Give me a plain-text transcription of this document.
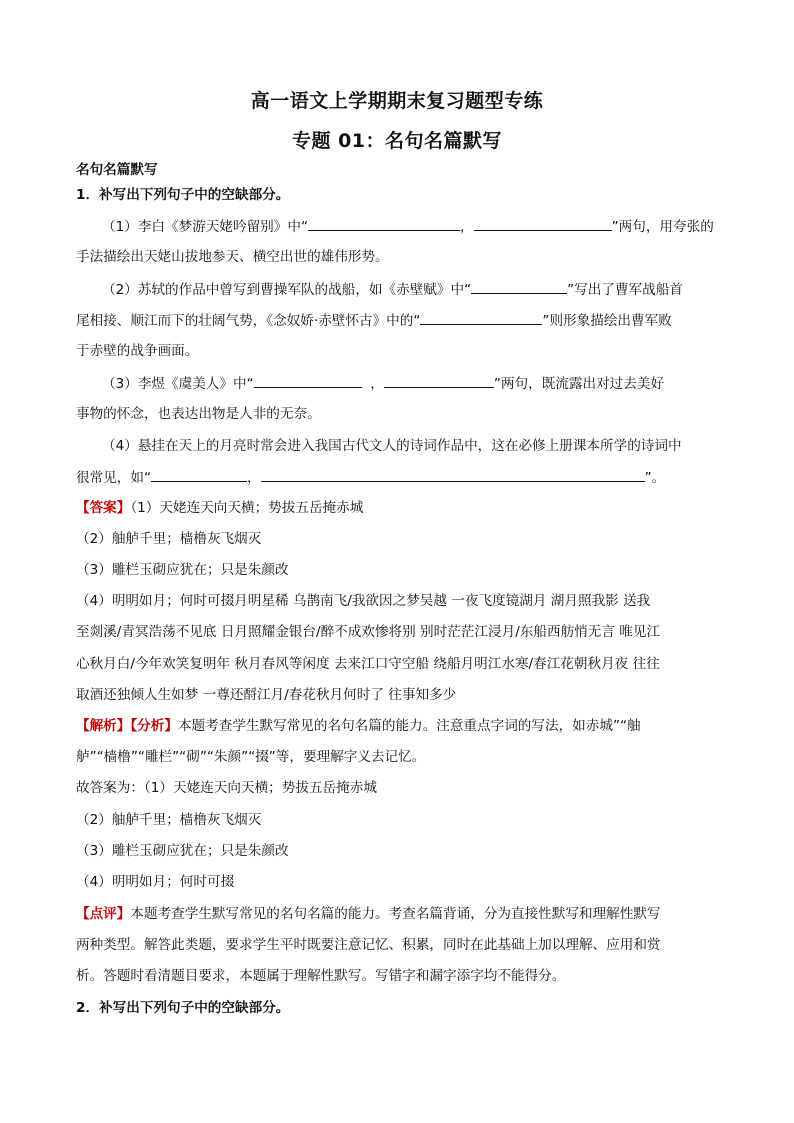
高一语文上学期期末复习题型专练
专题 01：名句名篇默写
名句名篇默写
1．补写出下列句子中的空缺部分。
（1）李白《梦游天姥吟留别》中“	，	”两句，用夸张的
手法描绘出天姥山拔地参天、横空出世的雄伟形势。
（2）苏轼的作品中曾写到曹操军队的战船，如《赤壁赋》中“	”写出了曹军战船首
尾相接、顺江而下的壮阔气势，《念奴娇·赤壁怀古》中的“	”则形象描绘出曹军败
于赤壁的战争画面。
（3）李煜《虞美人》中“	，	”两句，既流露出对过去美好
事物的怀念，也表达出物是人非的无奈。
（4）悬挂在天上的月亮时常会进入我国古代文人的诗词作品中，这在必修上册课本所学的诗词中
很常见，如“	，	”。
【答案】（1）天姥连天向天横；势拔五岳掩赤城
（2）舳舻千里；樯橹灰飞烟灭
（3）雕栏玉砌应犹在；只是朱颜改
（4）明明如月；何时可掇月明星稀 乌鹊南飞/我欲因之梦吴越 一夜飞度镜湖月 湖月照我影 送我
至剡溪/青冥浩荡不见底 日月照耀金银台/醉不成欢惨将别 别时茫茫江浸月/东船西舫悄无言 唯见江
心秋月白/今年欢笑复明年 秋月春风等闲度 去来江口守空船 绕船月明江水寒/春江花朝秋月夜 往往
取酒还独倾人生如梦 一尊还酹江月/春花秋月何时了 往事知多少
【解析】【分析】本题考查学生默写常见的名句名篇的能力。注意重点字词的写法，如赤城”“舳
舻”“樯橹”“雕栏”“砌”“朱颜”“掇”等，要理解字义去记忆。
故答案为：（1）天姥连天向天横；势拔五岳掩赤城
（2）舳舻千里；樯橹灰飞烟灭
（3）雕栏玉砌应犹在；只是朱颜改
（4）明明如月；何时可掇
【点评】本题考查学生默写常见的名句名篇的能力。考查名篇背诵，分为直接性默写和理解性默写
两种类型。解答此类题，要求学生平时既要注意记忆、积累，同时在此基础上加以理解、应用和赏
析。答题时看清题目要求，本题属于理解性默写。写错字和漏字添字均不能得分。
2．补写出下列句子中的空缺部分。
